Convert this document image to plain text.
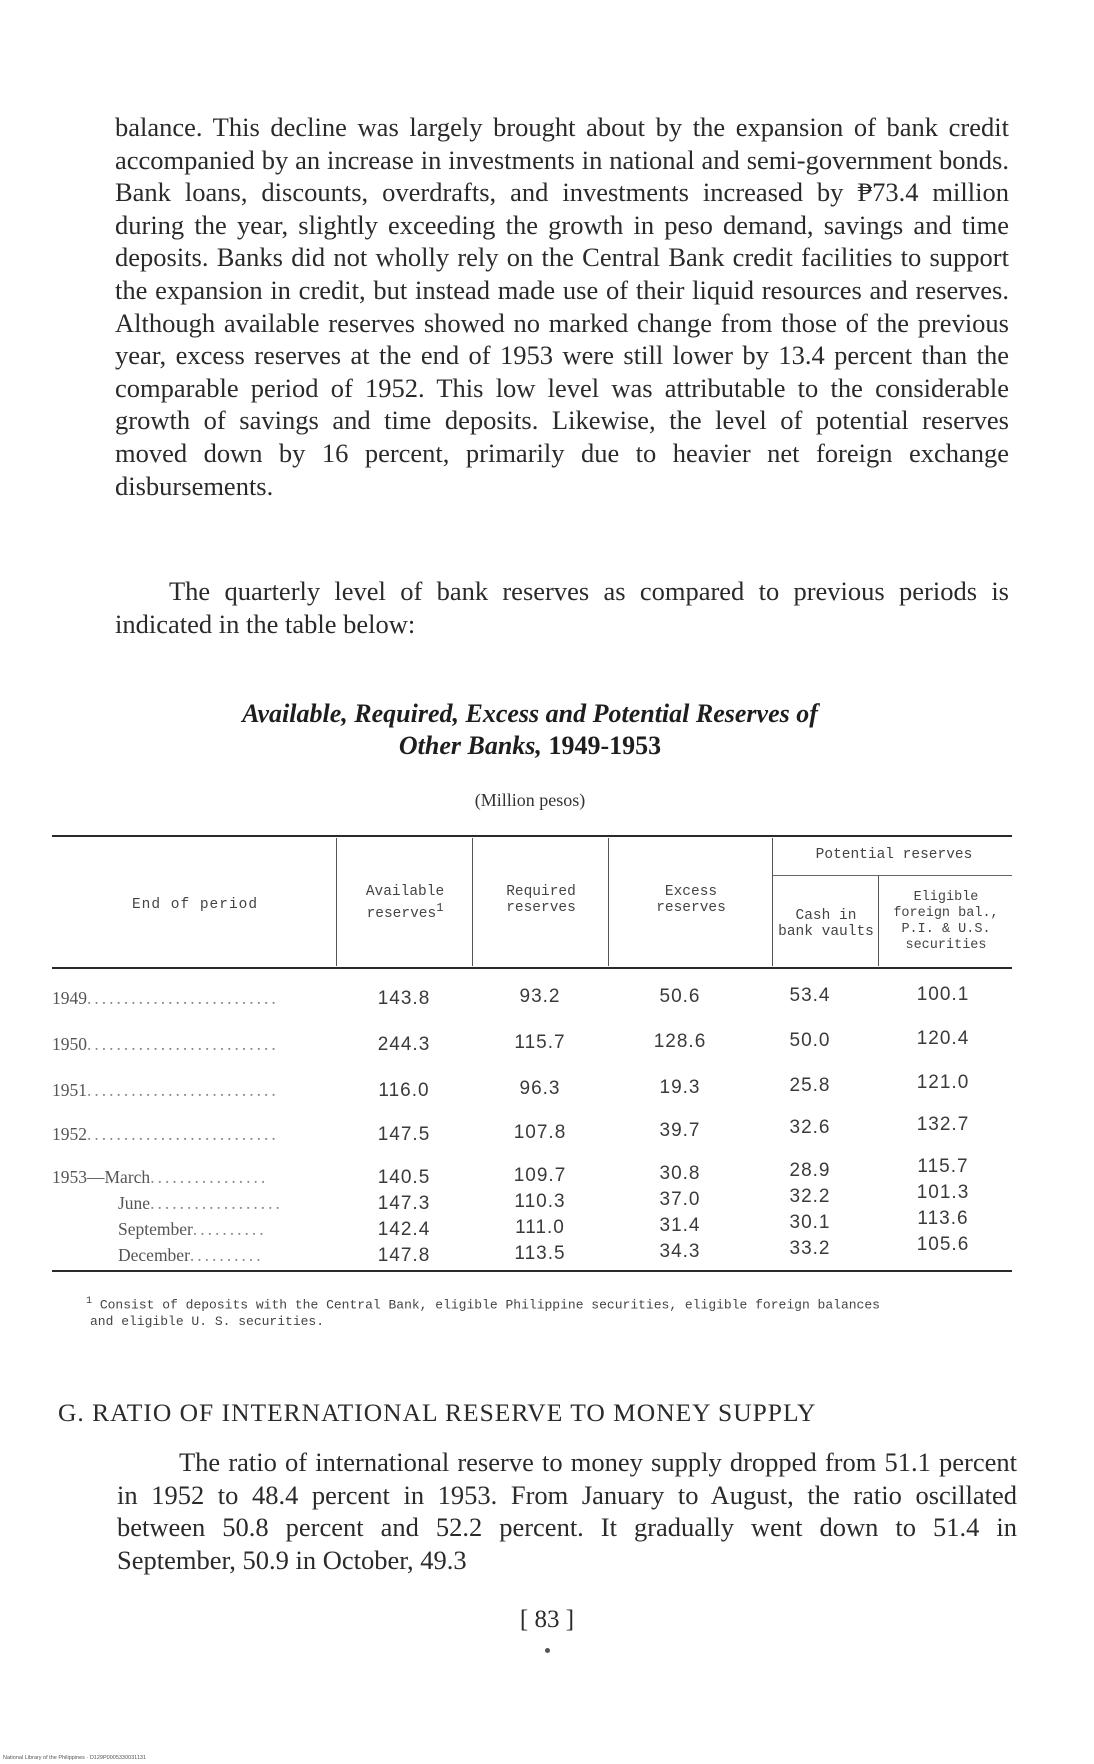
balance. This decline was largely brought about by the expansion of bank credit accompanied by an increase in investments in national and semi-government bonds. Bank loans, discounts, overdrafts, and investments increased by ₱73.4 million during the year, slightly exceeding the growth in peso demand, savings and time deposits. Banks did not wholly rely on the Central Bank credit facilities to support the expansion in credit, but instead made use of their liquid resources and reserves. Although available reserves showed no marked change from those of the previous year, excess reserves at the end of 1953 were still lower by 13.4 percent than the comparable period of 1952. This low level was attributable to the considerable growth of savings and time deposits. Likewise, the level of potential reserves moved down by 16 percent, primarily due to heavier net foreign exchange disbursements.

The quarterly level of bank reserves as compared to previous periods is indicated in the table below:

Available, Required, Excess and Potential Reserves of
Other Banks, 1949-1953
(Million pesos)
End of period
Available
reserves$^1$
Required
reserves
Excess
reserves
Potential reserves
Cash in
bank vaults
Eligible
foreign bal.,
P.I. & U.S.
securities
1949..........................	143.8	93.2	50.6	53.4	100.1
1950..........................	244.3	115.7	128.6	50.0	120.4
1951..........................	116.0	96.3	19.3	25.8	121.0
1952..........................	147.5	107.8	39.7	32.6	132.7
1953—March................	140.5	109.7	30.8	28.9	115.7
June..................	147.3	110.3	37.0	32.2	101.3
September..........	142.4	111.0	31.4	30.1	113.6
December..........	147.8	113.5	34.3	33.2	105.6
$^1$ Consist of deposits with the Central Bank, eligible Philippine securities, eligible foreign balances
and eligible U. S. securities.
G. RATIO OF INTERNATIONAL RESERVE TO MONEY SUPPLY

The ratio of international reserve to money supply dropped from 51.1 percent in 1952 to 48.4 percent in 1953. From January to August, the ratio oscillated between 50.8 percent and 52.2 percent. It gradually went down to 51.4 in September, 50.9 in October, 49.3

[ 83 ]
National Library of the Philippines · D129P0005330031131
